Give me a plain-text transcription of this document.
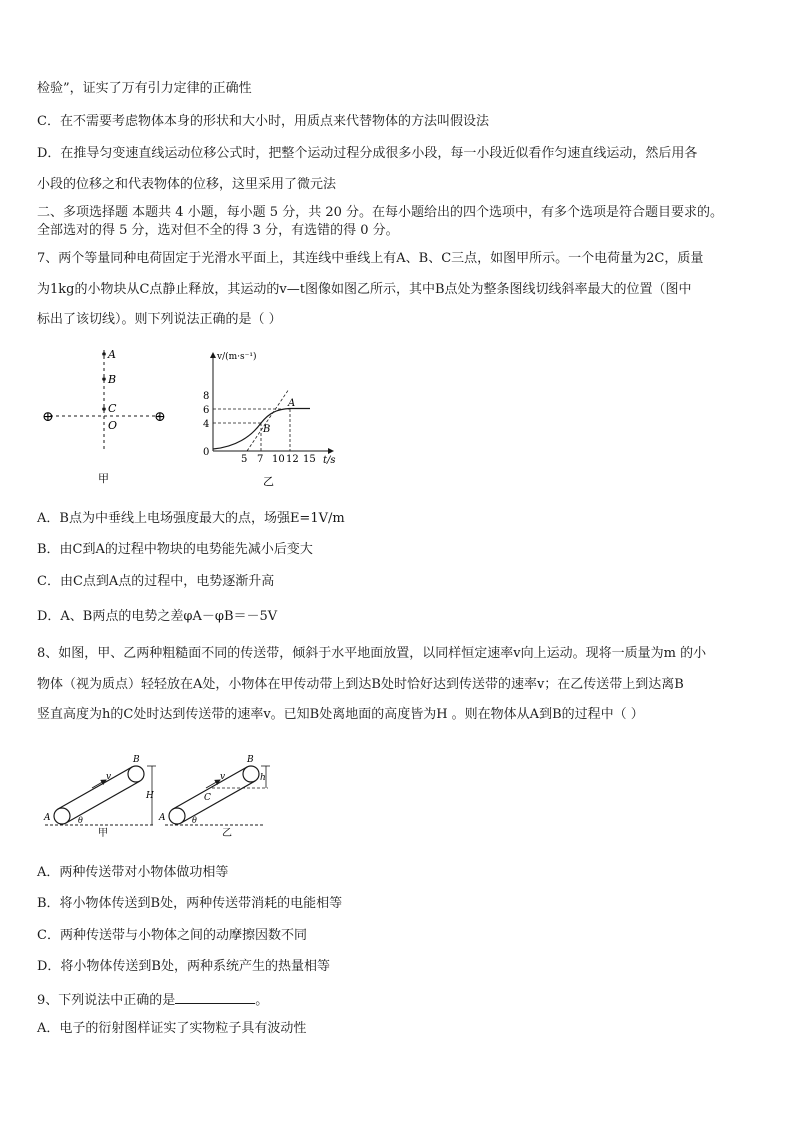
检验”，证实了万有引力定律的正确性
C．在不需要考虑物体本身的形状和大小时，用质点来代替物体的方法叫假设法
D．在推导匀变速直线运动位移公式时，把整个运动过程分成很多小段，每一小段近似看作匀速直线运动，然后用各
小段的位移之和代表物体的位移，这里采用了微元法
二、多项选择题 本题共 4 小题，每小题 5 分，共 20 分。在每小题给出的四个选项中，有多个选项是符合题目要求的。
全部选对的得 5 分，选对但不全的得 3 分，有选错的得 0 分。
7、两个等量同种电荷固定于光滑水平面上，其连线中垂线上有A、B、C三点，如图甲所示。一个电荷量为2C，质量
为1kg的小物块从C点静止释放，其运动的v—t图像如图乙所示，其中B点处为整条图线切线斜率最大的位置（图中
标出了该切线）。则下列说法正确的是（ ）
A
B
C
O
⊕	⊕
甲
v/(m·s⁻¹)
t/s
8
6
4
0
5 7 10 12 15
A
B
乙
A．B点为中垂线上电场强度最大的点，场强E=1V/m
B．由C到A的过程中物块的电势能先减小后变大
C．由C点到A点的过程中，电势逐渐升高
D．A、B两点的电势之差φA－φB＝－5V
8、如图，甲、乙两种粗糙面不同的传送带，倾斜于水平地面放置，以同样恒定速率v向上运动。现将一质量为m 的小
物体（视为质点）轻轻放在A处，小物体在甲传动带上到达B处时恰好达到传送带的速率v；在乙传送带上到达离B
竖直高度为h的C处时达到传送带的速率v。已知B处离地面的高度皆为H 。则在物体从A到B的过程中（ ）
v
H
B
A	θ
甲
v	h
B
C
A	θ
乙
A．两种传送带对小物体做功相等
B．将小物体传送到B处，两种传送带消耗的电能相等
C．两种传送带与小物体之间的动摩擦因数不同
D．将小物体传送到B处，两种系统产生的热量相等
9、下列说法中正确的是	。
A．电子的衍射图样证实了实物粒子具有波动性
